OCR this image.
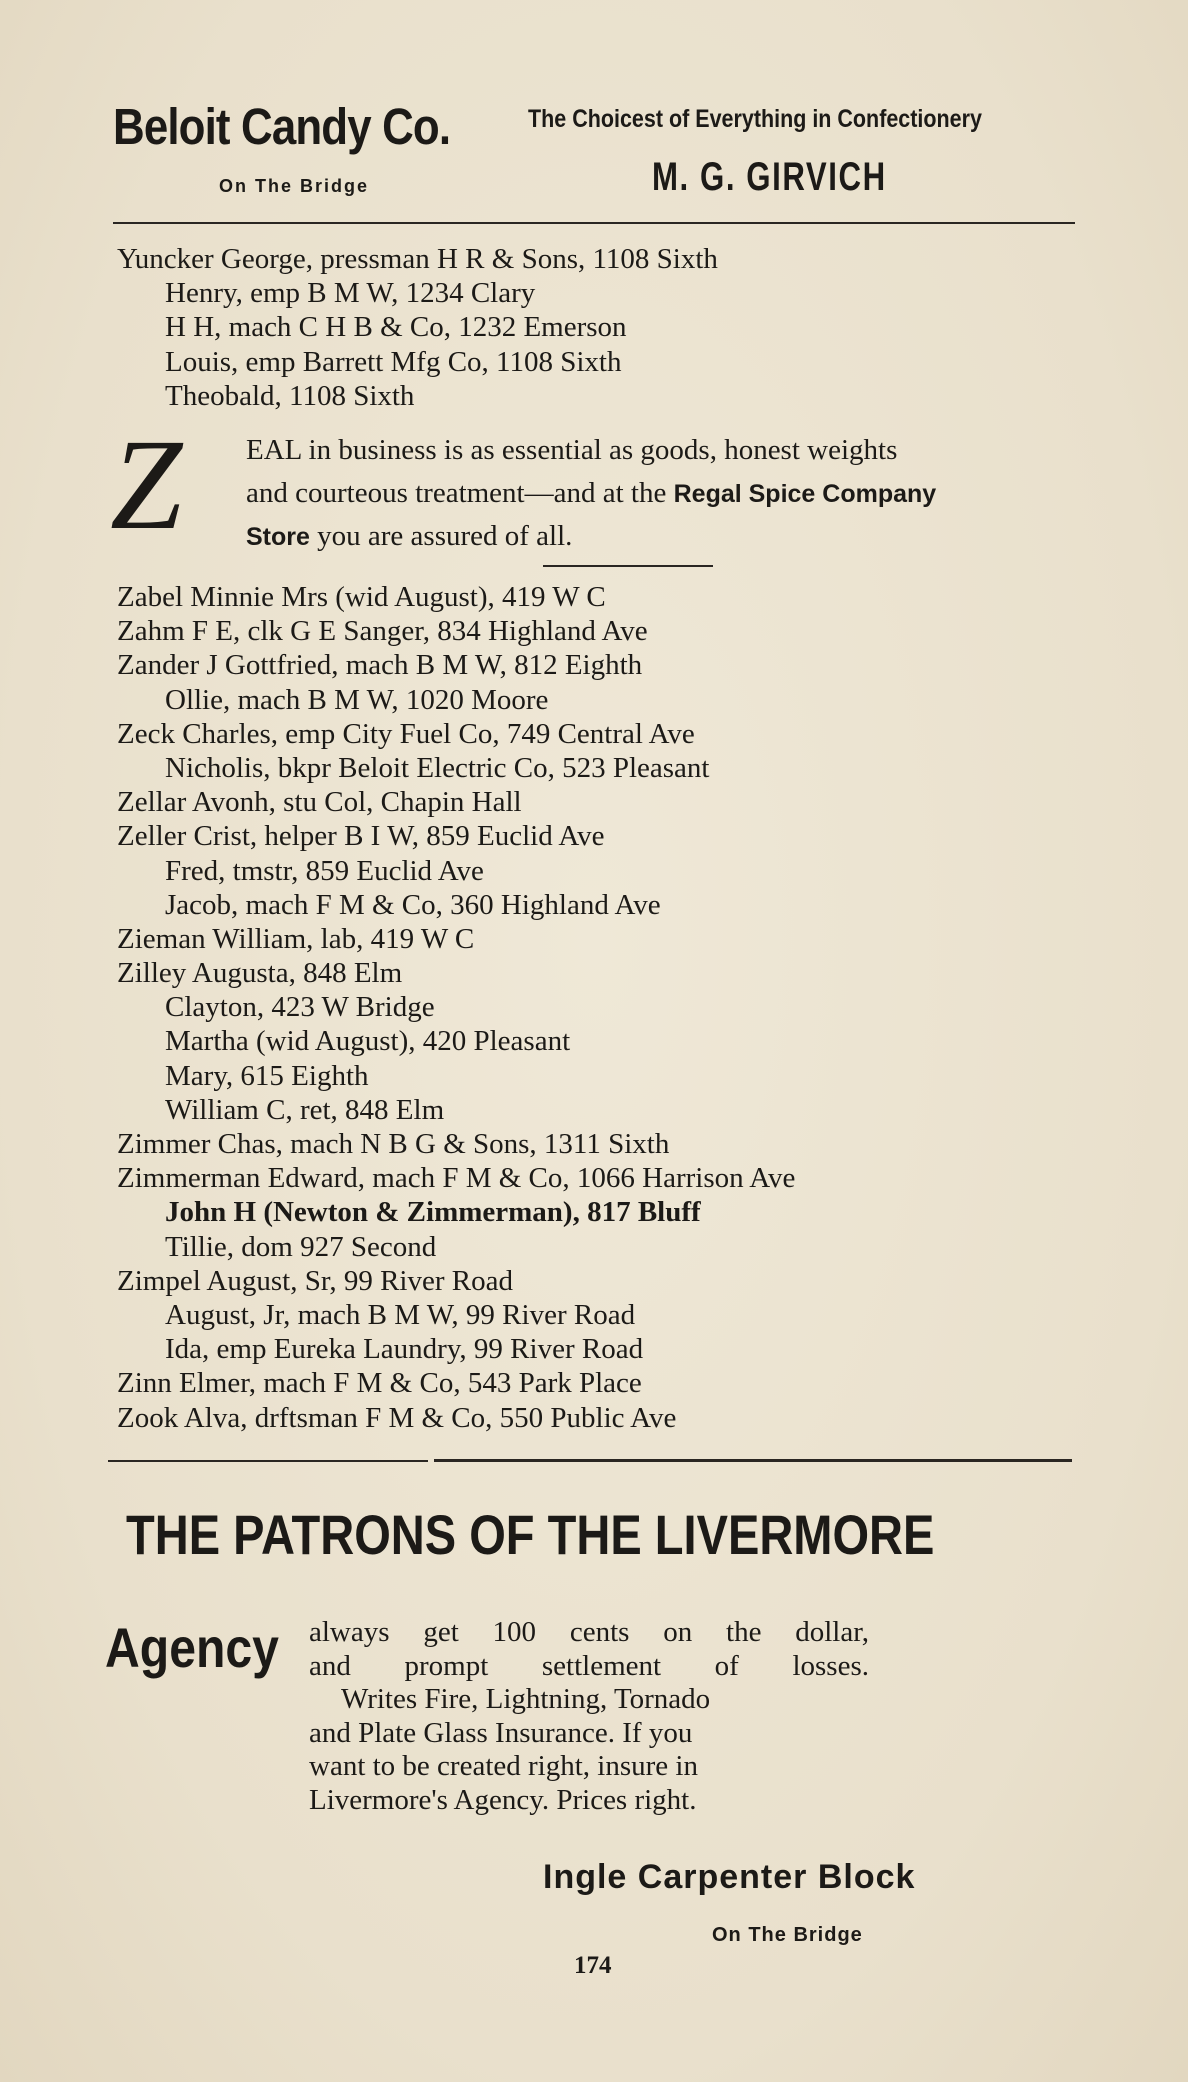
Beloit Candy Co.
On The Bridge
The Choicest of Everything in Confectionery
M. G. GIRVICH
Yuncker George, pressman H R & Sons, 1108 Sixth
Henry, emp B M W, 1234 Clary
H H, mach C H B & Co, 1232 Emerson
Louis, emp Barrett Mfg Co, 1108 Sixth
Theobald, 1108 Sixth
Z EAL in business is as essential as goods, honest weights
and courteous treatment—and at the Regal Spice Company
Store you are assured of all.
Zabel Minnie Mrs (wid August), 419 W C
Zahm F E, clk G E Sanger, 834 Highland Ave
Zander J Gottfried, mach B M W, 812 Eighth
Ollie, mach B M W, 1020 Moore
Zeck Charles, emp City Fuel Co, 749 Central Ave
Nicholis, bkpr Beloit Electric Co, 523 Pleasant
Zellar Avonh, stu Col, Chapin Hall
Zeller Crist, helper B I W, 859 Euclid Ave
Fred, tmstr, 859 Euclid Ave
Jacob, mach F M & Co, 360 Highland Ave
Zieman William, lab, 419 W C
Zilley Augusta, 848 Elm
Clayton, 423 W Bridge
Martha (wid August), 420 Pleasant
Mary, 615 Eighth
William C, ret, 848 Elm
Zimmer Chas, mach N B G & Sons, 1311 Sixth
Zimmerman Edward, mach F M & Co, 1066 Harrison Ave
John H (Newton & Zimmerman), 817 Bluff
Tillie, dom 927 Second
Zimpel August, Sr, 99 River Road
August, Jr, mach B M W, 99 River Road
Ida, emp Eureka Laundry, 99 River Road
Zinn Elmer, mach F M & Co, 543 Park Place
Zook Alva, drftsman F M & Co, 550 Public Ave
THE PATRONS OF THE LIVERMORE
Agency always get 100 cents on the dollar,
and prompt settlement of losses.
Writes Fire, Lightning, Tornado
and Plate Glass Insurance. If you
want to be created right, insure in
Livermore's Agency. Prices right.
Ingle Carpenter Block
On The Bridge
174
